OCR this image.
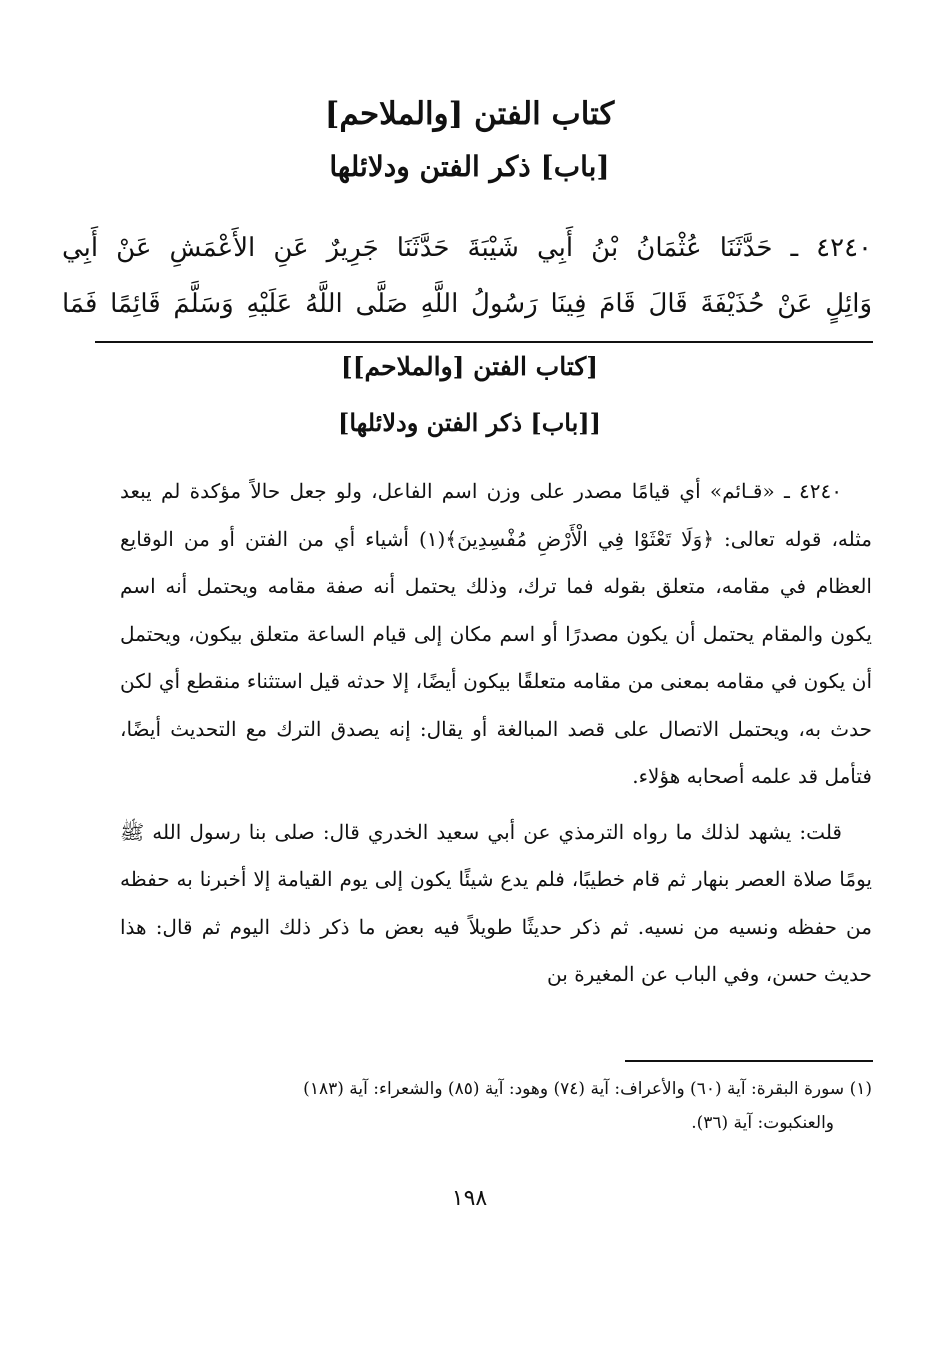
كتاب الفتن [والملاحم]
[باب] ذكر الفتن ودلائلها
٤٢٤٠ ـ حَدَّثَنَا عُثْمَانُ بْنُ أَبِي شَيْبَةَ حَدَّثَنَا جَرِيرٌ عَنِ الأَعْمَشِ عَنْ أَبِي
وَائِلٍ عَنْ حُذَيْفَةَ قَالَ قَامَ فِينَا رَسُولُ اللَّهِ صَلَّى اللَّهُ عَلَيْهِ وَسَلَّمَ قَائِمًا فَمَا
[كتاب الفتن [والملاحم]]
[[باب] ذكر الفتن ودلائلها]

٤٢٤٠ ـ «قـائم» أي قيامًا مصدر على وزن اسم الفاعل، ولو جعل حالاً مؤكدة لم يبعد مثله، قوله تعالى: ﴿وَلَا تَعْثَوْا فِي الْأَرْضِ مُفْسِدِينَ﴾(١) أشياء أي من الفتن أو من الوقايع العظام في مقامه، متعلق بقوله فما ترك، وذلك يحتمل أنه صفة مقامه ويحتمل أنه اسم يكون والمقام يحتمل أن يكون مصدرًا أو اسم مكان إلى قيام الساعة متعلق بيكون، ويحتمل أن يكون في مقامه بمعنى من مقامه متعلقًا بيكون أيضًا، إلا حدثه قيل استثناء منقطع أي لكن حدث به، ويحتمل الاتصال على قصد المبالغة أو يقال: إنه يصدق الترك مع التحديث أيضًا، فتأمل قد علمه أصحابه هؤلاء.

قلت: يشهد لذلك ما رواه الترمذي عن أبي سعيد الخدري قال: صلى بنا رسول الله ﷺ يومًا صلاة العصر بنهار ثم قام خطيبًا، فلم يدع شيئًا يكون إلى يوم القيامة إلا أخبرنا به حفظه من حفظه ونسيه من نسيه. ثم ذكر حديثًا طويلاً فيه بعض ما ذكر ذلك اليوم ثم قال: هذا حديث حسن، وفي الباب عن المغيرة بن

(١) سورة البقرة: آية (٦٠) والأعراف: آية (٧٤) وهود: آية (٨٥) والشعراء: آية (١٨٣)

والعنكبوت: آية (٣٦).

١٩٨
